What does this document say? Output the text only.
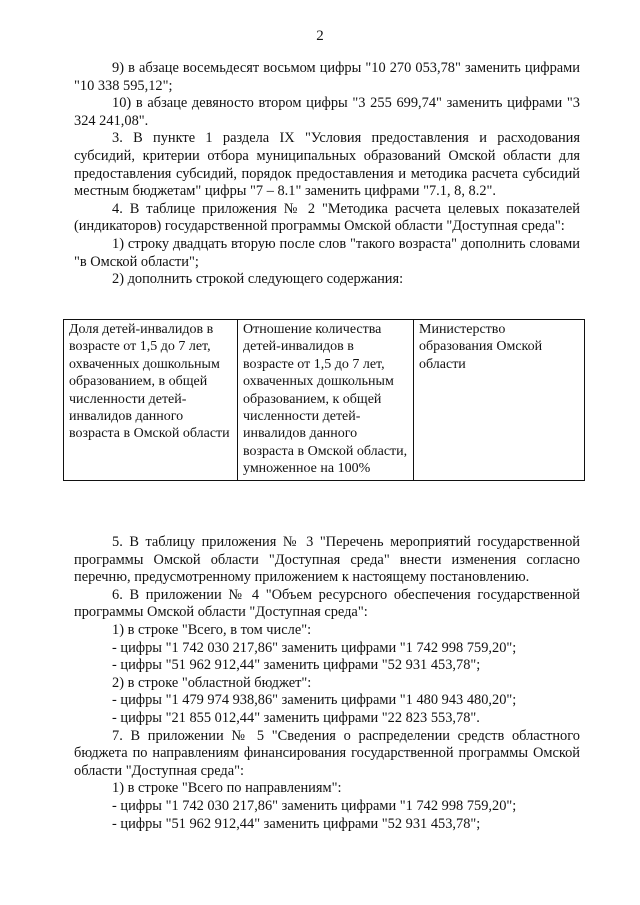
2

9) в абзаце восемьдесят восьмом цифры "10 270 053,78" заменить цифрами "10 338 595,12";

10) в абзаце девяносто втором цифры "3 255 699,74" заменить цифрами "3 324 241,08".

3. В пункте 1 раздела IX "Условия предоставления и расходования субсидий, критерии отбора муниципальных образований Омской области для предоставления субсидий, порядок предоставления и методика расчета субсидий местным бюджетам" цифры "7 – 8.1" заменить цифрами "7.1, 8, 8.2".

4. В таблице приложения № 2 "Методика расчета целевых показателей (индикаторов) государственной программы Омской области "Доступная среда":

1) строку двадцать вторую после слов "такого возраста" дополнить словами "в Омской области";

2) дополнить строкой следующего содержания:

Доля детей-инвалидов в возрасте от 1,5 до 7 лет, охваченных дошкольным образованием, в общей численности детей-инвалидов данного возраста в Омской области	Отношение количества детей-инвалидов в возрасте от 1,5 до 7 лет, охваченных дошкольным образованием, к общей численности детей-инвалидов данного возраста в Омской области, умноженное на 100%	Министерство образования Омской области

5. В таблицу приложения № 3 "Перечень мероприятий государственной программы Омской области "Доступная среда" внести изменения согласно перечню, предусмотренному приложением к настоящему постановлению.

6. В приложении № 4 "Объем ресурсного обеспечения государственной программы Омской области "Доступная среда":

1) в строке "Всего, в том числе":

- цифры "1 742 030 217,86" заменить цифрами "1 742 998 759,20";

- цифры "51 962 912,44" заменить цифрами "52 931 453,78";

2) в строке "областной бюджет":

- цифры "1 479 974 938,86" заменить цифрами "1 480 943 480,20";

- цифры "21 855 012,44" заменить цифрами "22 823 553,78".

7. В приложении № 5 "Сведения о распределении средств областного бюджета по направлениям финансирования государственной программы Омской области "Доступная среда":

1) в строке "Всего по направлениям":

- цифры "1 742 030 217,86" заменить цифрами "1 742 998 759,20";

- цифры "51 962 912,44" заменить цифрами "52 931 453,78";
